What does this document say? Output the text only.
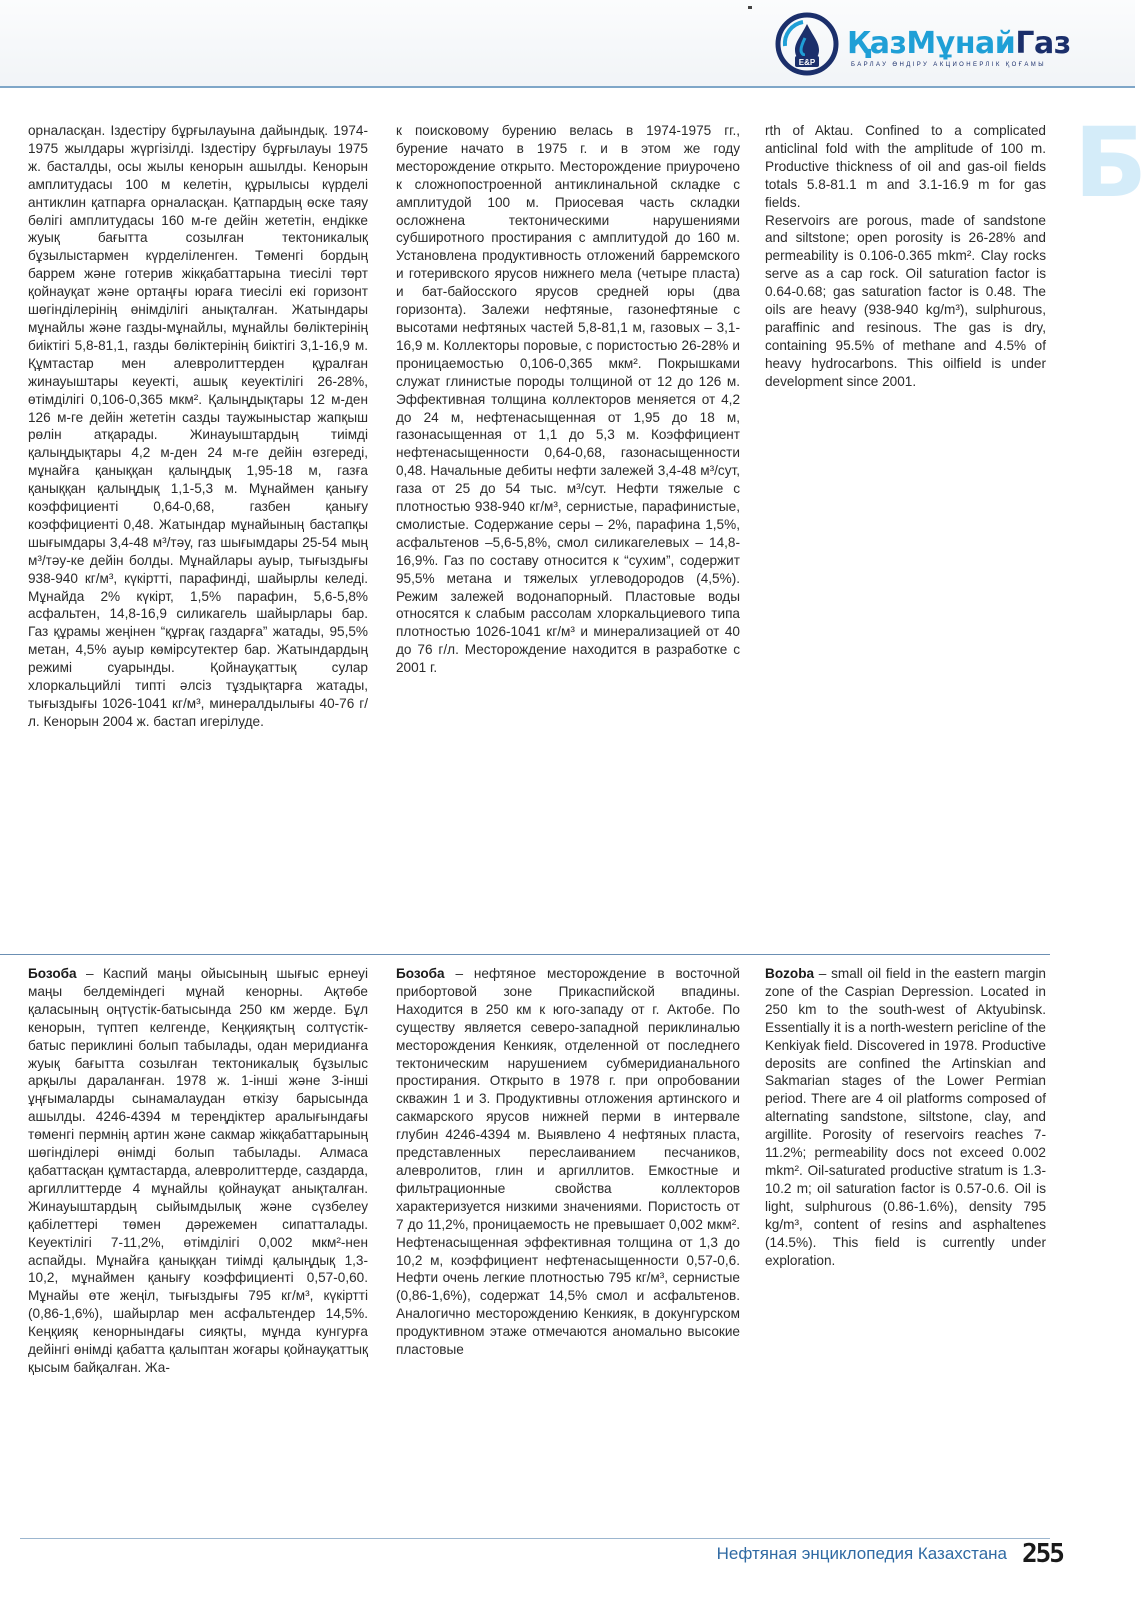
E&P
ҚазМұнайГаз
БАРЛАУ ӨНДІРУ АКЦИОНЕРЛІК ҚОҒАМЫ
Б

орналасқан. Іздестіру бұрғылауына дайындық. 1974-1975 жылдары жүргізілді. Іздестіру бұрғылауы 1975 ж. басталды, осы жылы кенорын ашылды. Кенорын амплитудасы 100 м келетін, құрылысы күрделі антиклин қатпарға орналасқан. Қатпардың өске таяу бөлігі амплитудасы 160 м-ге дейін жететін, ендікке жуық бағытта созылған тектоникалық бұзылыстармен күрделіленген. Төменгі бордың баррем және готерив жікқабаттарына тиесілі төрт қойнауқат және ортаңғы юраға тиесілі екі горизонт шөгінділерінің өнімділігі анықталған. Жатындары мұнайлы және газды-мұнайлы, мұнайлы бөліктерінің биіктігі 5,8-81,1, газды бөліктерінің биіктігі 3,1-16,9 м. Құмтастар мен алевролиттерден құралған жинауыштары кеуекті, ашық кеуектілігі 26-28%, өтімділігі 0,106-0,365 мкм². Қалыңдықтары 12 м-ден 126 м-ге дейін жететін сазды таужыныстар жапқыш рөлін атқарады. Жинауыштардың тиімді қалыңдықтары 4,2 м-ден 24 м-ге дейін өзгереді, мұнайға қаныққан қалыңдық 1,95-18 м, газға қаныққан қалыңдық 1,1-5,3 м. Мұнаймен қанығу коэффициенті 0,64-0,68, газбен қанығу коэффициенті 0,48. Жатындар мұнайының бастапқы шығымдары 3,4-48 м³/тәу, газ шығымдары 25-54 мың м³/тәу-ке дейін болды. Мұнайлары ауыр, тығыздығы 938-940 кг/м³, күкіртті, парафинді, шайырлы келеді. Мұнайда 2% күкірт, 1,5% парафин, 5,6-5,8% асфальтен, 14,8-16,9 силикагель шайырлары бар. Газ құрамы жеңінен “құрғақ газдарға” жатады, 95,5% метан, 4,5% ауыр көмірсутектер бар. Жатындардың режимі суарынды. Қойнауқаттық сулар хлоркальцийлі типті әлсіз тұздықтарға жатады, тығыздығы 1026-1041 кг/м³, минералдылығы 40-76 г/л. Кенорын 2004 ж. бастап игерілуде.

к поисковому бурению велась в 1974-1975 гг., бурение начато в 1975 г. и в этом же году месторождение открыто. Месторождение приурочено к сложнопостроенной антиклинальной складке с амплитудой 100 м. Приосевая часть складки осложнена тектоническими нарушениями субширотного простирания с амплитудой до 160 м. Установлена продуктивность отложений барремского и готеривского ярусов нижнего мела (четыре пласта) и бат-байосского ярусов средней юры (два горизонта). Залежи нефтяные, газонефтяные с высотами нефтяных частей 5,8-81,1 м, газовых – 3,1-16,9 м. Коллекторы поровые, с пористостью 26-28% и проницаемостью 0,106-0,365 мкм². Покрышками служат глинистые породы толщиной от 12 до 126 м. Эффективная толщина коллекторов меняется от 4,2 до 24 м, нефтенасыщенная от 1,95 до 18 м, газонасыщенная от 1,1 до 5,3 м. Коэффициент нефтенасыщенности 0,64-0,68, газонасыщенности 0,48. Начальные дебиты нефти залежей 3,4-48 м³/сут, газа от 25 до 54 тыс. м³/сут. Нефти тяжелые с плотностью 938-940 кг/м³, сернистые, парафинистые, смолистые. Содержание серы – 2%, парафина 1,5%, асфальтенов –5,6-5,8%, смол силикагелевых – 14,8-16,9%. Газ по составу относится к “сухим”, содержит 95,5% метана и тяжелых углеводородов (4,5%). Режим залежей водонапорный. Пластовые воды относятся к слабым рассолам хлоркальциевого типа плотностью 1026-1041 кг/м³ и минерализацией от 40 до 76 г/л. Месторождение находится в разработке с 2001 г.

rth of Aktau. Confined to a complicated anticlinal fold with the amplitude of 100 m. Productive thickness of oil and gas-oil fields totals 5.8-81.1 m and 3.1-16.9 m for gas fields.
Reservoirs are porous, made of sandstone and siltstone; open porosity is 26-28% and permeability is 0.106-0.365 mkm². Clay rocks serve as a cap rock. Oil saturation factor is 0.64-0.68; gas saturation factor is 0.48. The oils are heavy (938-940 kg/m³), sulphurous, paraffinic and resinous. The gas is dry, containing 95.5% of methane and 4.5% of heavy hydrocarbons. This oilfield is under development since 2001.

Бозоба – Каспий маңы ойысының шығыс ернеуі маңы белдеміндегі мұнай кенорны. Ақтөбе қаласының оңтүстік-батысында 250 км жерде. Бұл кенорын, түптеп келгенде, Кеңқияқтың солтүстік-батыс периклині болып табылады, одан меридианға жуық бағытта созылған тектоникалық бұзылыс арқылы дараланған. 1978 ж. 1-інші және 3-інші ұңғымаларды сынамалаудан өткізу барысында ашылды. 4246-4394 м тереңдіктер аралығындағы төменгі пермнің артин және сакмар жікқабаттарының шөгінділері өнімді болып табылады. Алмаса қабаттасқан құмтастарда, алевролиттерде, саздарда, аргиллиттерде 4 мұнайлы қойнауқат анықталған. Жинауыштардың сыйымдылық және сүзбелеу қабілеттері төмен дәрежемен сипатталады. Кеуектілігі 7-11,2%, өтімділігі 0,002 мкм²-нен аспайды. Мұнайға қаныққан тиімді қалыңдық 1,3-10,2, мұнаймен қанығу коэффициенті 0,57-0,60. Мұнайы өте жеңіл, тығыздығы 795 кг/м³, күкіртті (0,86-1,6%), шайырлар мен асфальтендер 14,5%. Кеңқияқ кенорнындағы сияқты, мұнда кунгурға дейінгі өнімді қабатта қалыптан жоғары қойнауқаттық қысым байқалған. Жа-

Бозоба – нефтяное месторождение в восточной прибортовой зоне Прикаспийской впадины. Находится в 250 км к юго-западу от г. Актобе. По существу является северо-западной периклиналью месторождения Кенкияк, отделенной от последнего тектоническим нарушением субмеридианального простирания. Открыто в 1978 г. при опробовании скважин 1 и 3. Продуктивны отложения артинского и сакмарского ярусов нижней перми в интервале глубин 4246-4394 м. Выявлено 4 нефтяных пласта, представленных переслаиванием песчаников, алевролитов, глин и аргиллитов. Емкостные и фильтрационные свойства коллекторов характеризуется низкими значениями. Пористость от 7 до 11,2%, проницаемость не превышает 0,002 мкм². Нефтенасыщенная эффективная толщина от 1,3 до 10,2 м, коэффициент нефтенасыщенности 0,57-0,6. Нефти очень легкие плотностью 795 кг/м³, сернистые (0,86-1,6%), содержат 14,5% смол и асфальтенов. Аналогично месторождению Кенкияк, в докунгурском продуктивном этаже отмечаются аномально высокие пластовые

Bozoba – small oil field in the eastern margin zone of the Caspian Depression. Located in 250 km to the south-west of Aktyubinsk. Essentially it is a north-western pericline of the Kenkiyak field. Discovered in 1978. Productive deposits are confined the Artinskian and Sakmarian stages of the Lower Permian period. There are 4 oil platforms composed of alternating sandstone, siltstone, clay, and argillite. Porosity of reservoirs reaches 7-11.2%; permeability docs not exceed 0.002 mkm². Oil-saturated productive stratum is 1.3-10.2 m; oil saturation factor is 0.57-0.6. Oil is light, sulphurous (0.86-1.6%), density 795 kg/m³, content of resins and asphaltenes (14.5%). This field is currently under exploration.

Нефтяная энциклопедия Казахстана 255
